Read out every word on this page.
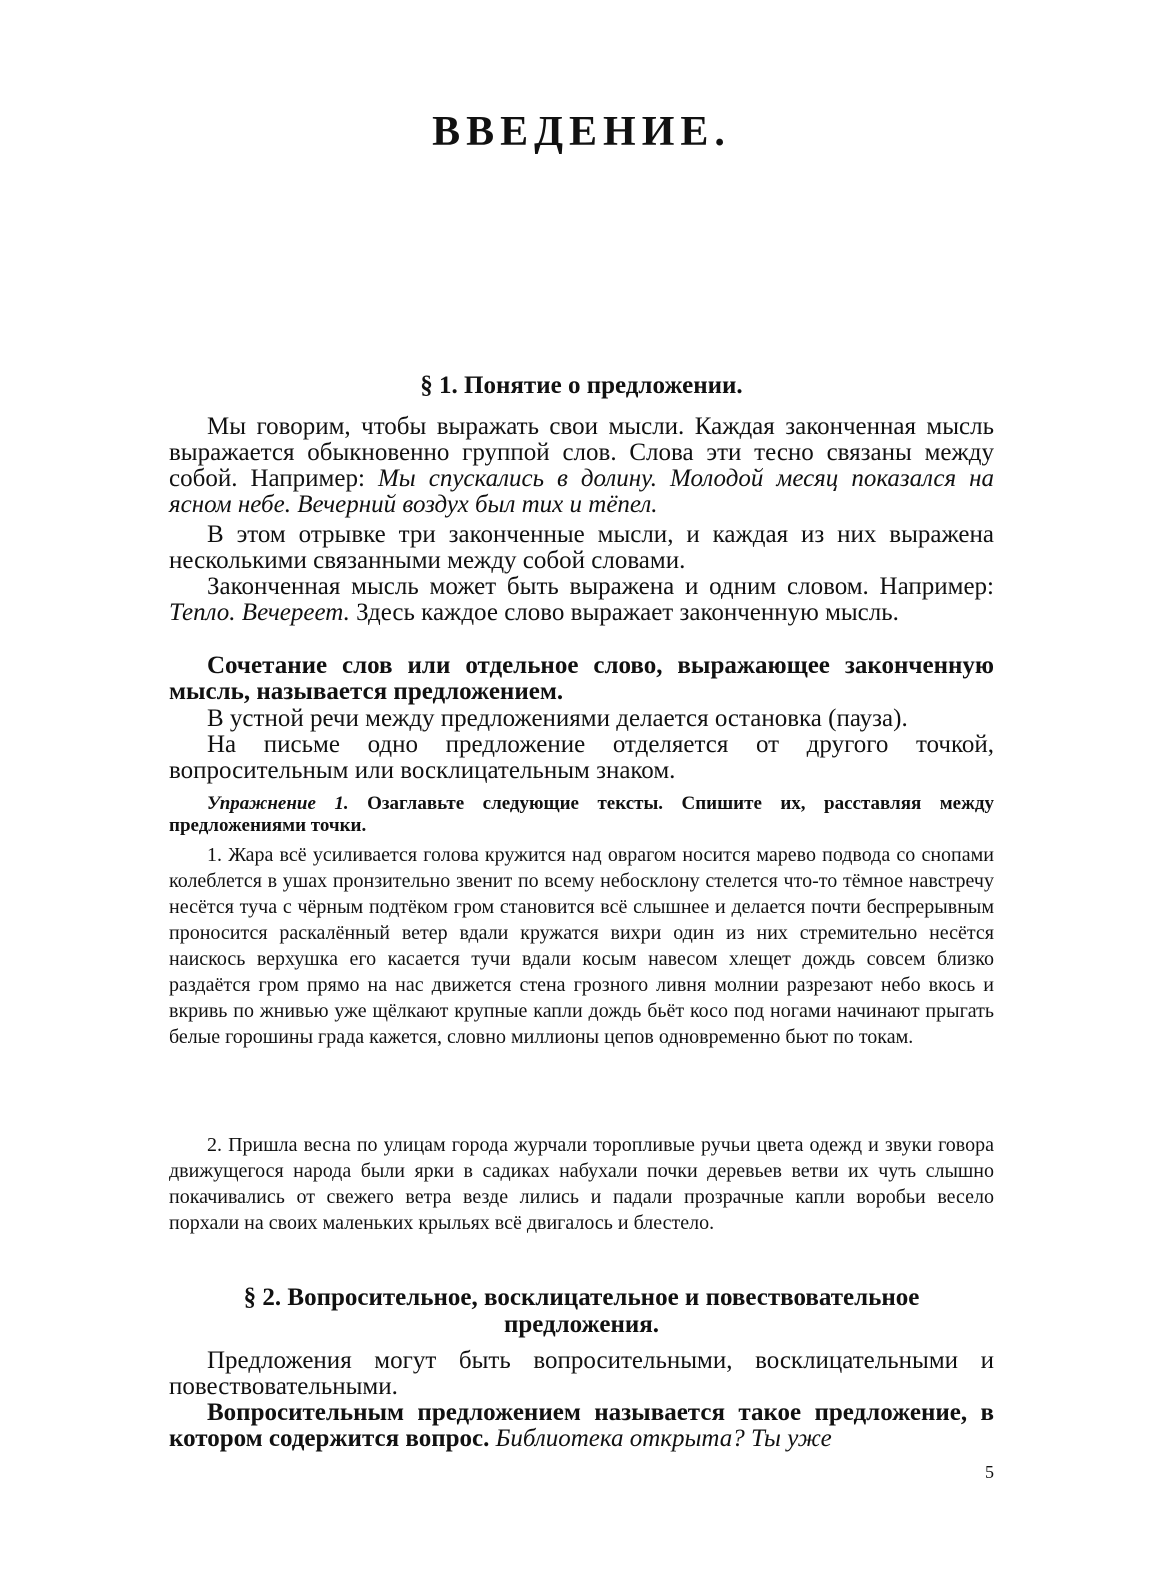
ВВЕДЕНИЕ.
§ 1. Понятие о предложении.

Мы говорим, чтобы выражать свои мысли. Каждая законченная мысль выражается обыкновенно группой слов. Слова эти тесно связаны между собой. Например: Мы спускались в долину. Молодой месяц показался на ясном небе. Вечерний воздух был тих и тёпел.

В этом отрывке три законченные мысли, и каждая из них выражена несколькими связанными между собой словами.

Законченная мысль может быть выражена и одним словом. Например: Тепло. Вечереет. Здесь каждое слово выражает законченную мысль.

Сочетание слов или отдельное слово, выражающее законченную мысль, называется предложением.

В устной речи между предложениями делается остановка (пауза).

На письме одно предложение отделяется от другого точкой, вопросительным или восклицательным знаком.

Упражнение 1. Озаглавьте следующие тексты. Спишите их, расставляя между предложениями точки.

1. Жара всё усиливается голова кружится над оврагом носится марево подвода со снопами колеблется в ушах пронзительно звенит по всему небосклону стелется что-то тёмное навстречу несётся туча с чёрным подтёком гром становится всё слышнее и делается почти беспрерывным проносится раскалённый ветер вдали кружатся вихри один из них стремительно несётся наискось верхушка его касается тучи вдали косым навесом хлещет дождь совсем близко раздаётся гром прямо на нас движется стена грозного ливня молнии разрезают небо вкось и вкривь по жнивью уже щёлкают крупные капли дождь бьёт косо под ногами начинают прыгать белые горошины града кажется, словно миллионы цепов одновременно бьют по токам.

2. Пришла весна по улицам города журчали торопливые ручьи цвета одежд и звуки говора движущегося народа были ярки в садиках набухали почки деревьев ветви их чуть слышно покачивались от свежего ветра везде лились и падали прозрачные капли воробьи весело порхали на своих маленьких крыльях всё двигалось и блестело.

§ 2. Вопросительное, восклицательное и повествовательное предложения.

Предложения могут быть вопросительными, восклицательными и повествовательными.

Вопросительным предложением называется такое предложение, в котором содержится вопрос. Библиотека открыта? Ты уже

5
